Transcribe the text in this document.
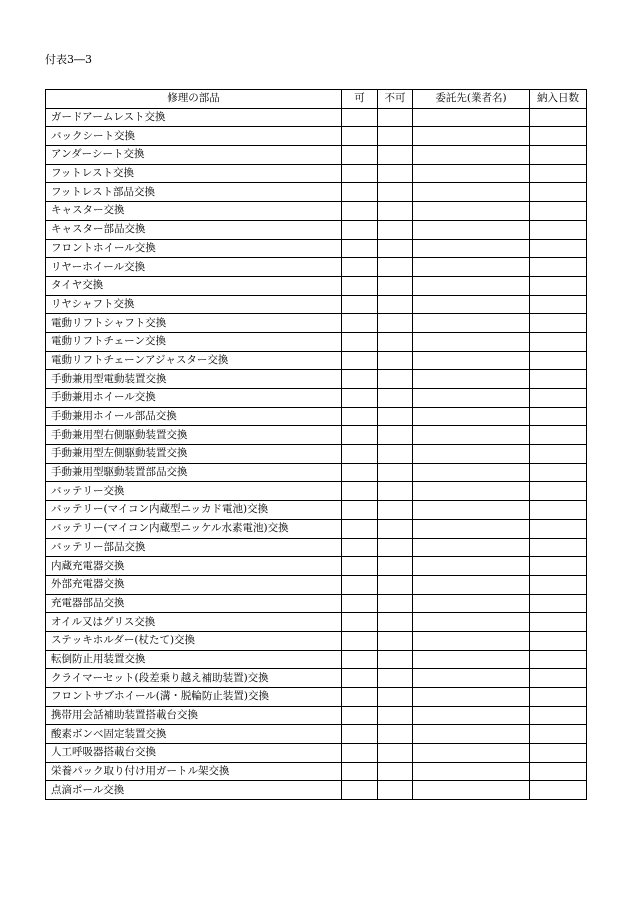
付表3―3
修理の部品	可	不可	委託先(業者名)	納入日数
ガードアームレスト交換				
バックシート交換				
アンダーシート交換				
フットレスト交換				
フットレスト部品交換				
キャスター交換				
キャスター部品交換				
フロントホイール交換				
リヤーホイール交換				
タイヤ交換				
リヤシャフト交換				
電動リフトシャフト交換				
電動リフトチェーン交換				
電動リフトチェーンアジャスター交換				
手動兼用型電動装置交換				
手動兼用ホイール交換				
手動兼用ホイール部品交換				
手動兼用型右側駆動装置交換				
手動兼用型左側駆動装置交換				
手動兼用型駆動装置部品交換				
バッテリー交換				
バッテリー(マイコン内蔵型ニッカド電池)交換				
バッテリー(マイコン内蔵型ニッケル水素電池)交換				
バッテリー部品交換				
内蔵充電器交換				
外部充電器交換				
充電器部品交換				
オイル又はグリス交換				
ステッキホルダー(杖たて)交換				
転倒防止用装置交換				
クライマーセット(段差乗り越え補助装置)交換				
フロントサブホイール(溝・脱輪防止装置)交換				
携帯用会話補助装置搭載台交換				
酸素ボンベ固定装置交換				
人工呼吸器搭載台交換				
栄養パック取り付け用ガートル架交換				
点滴ポール交換				
